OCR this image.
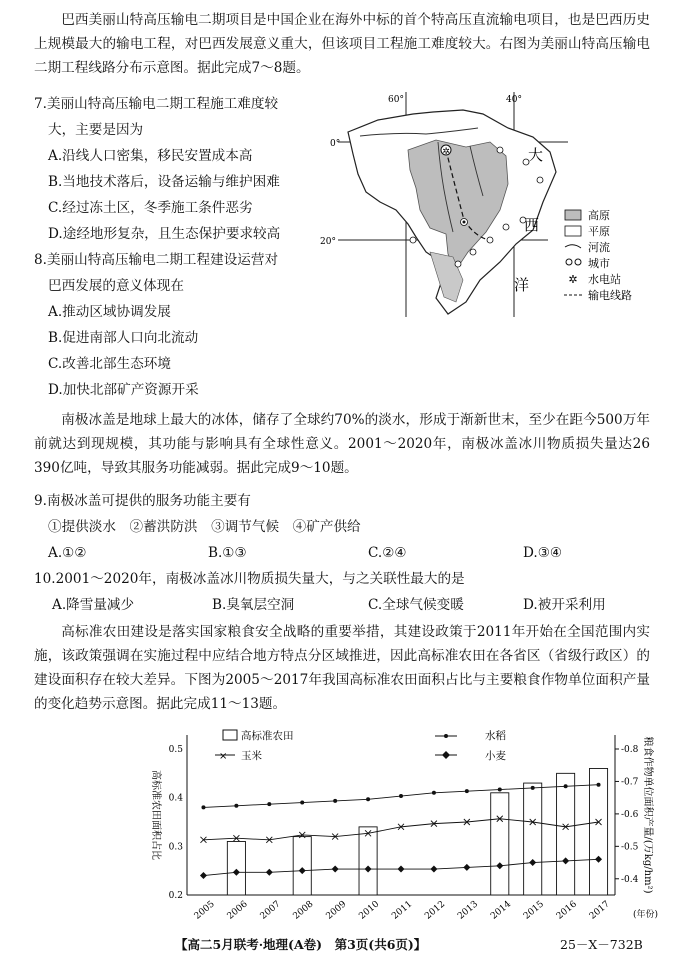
巴西美丽山特高压输电二期项目是中国企业在海外中标的首个特高压直流输电项目，也是巴西历史上规模最大的输电工程，对巴西发展意义重大，但该项目工程施工难度较大。右图为美丽山特高压输电二期工程线路分布示意图。据此完成7～8题。
7.美丽山特高压输电二期工程施工难度较
大，主要是因为
A.沿线人口密集，移民安置成本高
B.当地技术落后，设备运输与维护困难
C.经过冻土区，冬季施工条件恶劣
D.途经地形复杂，且生态保护要求较高
8.美丽山特高压输电二期工程建设运营对
巴西发展的意义体现在
A.推动区域协调发展
B.促进南部人口向北流动
C.改善北部生态环境
D.加快北部矿产资源开采
✲
60°	40°
0°
20°
大
西
洋
高原
平原
河流
城市
✲ 水电站
输电线路
南极冰盖是地球上最大的冰体，储存了全球约70%的淡水，形成于渐新世末，至少在距今500万年前就达到现规模，其功能与影响具有全球性意义。2001～2020年，南极冰盖冰川物质损失量达26 390亿吨，导致其服务功能减弱。据此完成9～10题。
9.南极冰盖可提供的服务功能主要有
①提供淡水　②蓄洪防洪　③调节气候　④矿产供给
A.①②	B.①③	C.②④	D.③④
10.2001～2020年，南极冰盖冰川物质损失量大，与之关联性最大的是
A.降雪量减少	B.臭氧层空洞	C.全球气候变暖	D.被开采利用
高标准农田建设是落实国家粮食安全战略的重要举措，其建设政策于2011年开始在全国范围内实施，该政策强调在实施过程中应结合地方特点分区域推进，因此高标准农田在各省区（省级行政区）的建设面积存在较大差异。下图为2005～2017年我国高标准农田面积占比与主要粮食作物单位面积产量的变化趋势示意图。据此完成11～13题。
高标准农田面积占比	粮食作物单位面积产量/(万kg/hm²)
(年份)
高标准农田	水稻
× 玉米	小麦
0.2
0.3
0.4
0.5
-0.4
-0.5
-0.6
-0.7
-0.8
2005 2006 2007 2008 2009 2010 2011 2012 2013 2014 2015 2016 2017
【高二5月联考·地理(A卷)　第3页(共6页)】	25－X－732B
